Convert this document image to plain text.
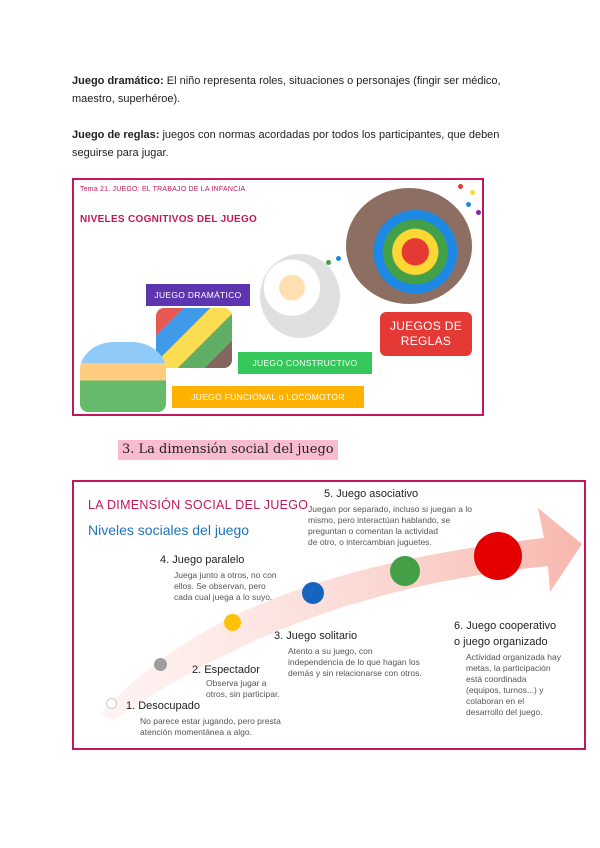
Juego dramático: El niño representa roles, situaciones o personajes (fingir ser médico, maestro, superhéroe).

Juego de reglas: juegos con normas acordadas por todos los participantes, que deben seguirse para jugar.

Tema 21. JUEGO: EL TRABAJO DE LA INFANCIA
NIVELES COGNITIVOS DEL JUEGO
JUEGO DRAMÁTICO
JUEGO CONSTRUCTIVO
JUEGO FUNCIONAL o LOCOMOTOR
JUEGOS DE
REGLAS
3. La dimensión social del juego
LA DIMENSIÓN SOCIAL DEL JUEGO
Niveles sociales del juego
1. Desocupado
No parece estar jugando, pero presta
atención momentánea a algo.
2. Espectador
Observa jugar a
otros, sin participar.
3. Juego solitario
Atento a su juego, con
independencia de lo que hagan los
demás y sin relacionarse con otros.
4. Juego paralelo
Juega junto a otros, no con
ellos. Se observan, pero
cada cual juega a lo suyo.
5. Juego asociativo
Juegan por separado, incluso si juegan a lo
mismo, pero interactúan hablando, se
preguntan o comentan la actividad
de otro, o intercambian juguetes.
6. Juego cooperativo
o juego organizado
Actividad organizada hay
metas, la participación
está coordinada
(equipos, turnos...) y
colaboran en el
desarrollo del juego.
